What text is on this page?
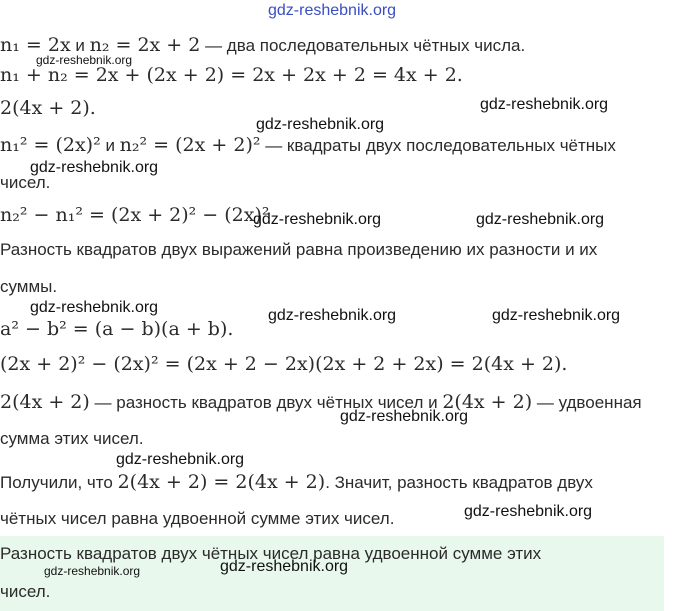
gdz-reshebnik.org
n₁ = 2x и n₂ = 2x + 2 — два последовательных чётных числа.
gdz-reshebnik.org
n₁ + n₂ = 2x + (2x + 2) = 2x + 2x + 2 = 4x + 2.
2(4x + 2).	gdz-reshebnik.org
gdz-reshebnik.org
n₁² = (2x)² и n₂² = (2x + 2)² — квадраты двух последовательных чётных
gdz-reshebnik.org
чисел.
n₂² − n₁² = (2x + 2)² − (2x)²
gdz-reshebnik.org	gdz-reshebnik.org
Разность квадратов двух выражений равна произведению их разности и их
суммы.
gdz-reshebnik.org	gdz-reshebnik.org	gdz-reshebnik.org
a² − b² = (a − b)(a + b).
(2x + 2)² − (2x)² = (2x + 2 − 2x)(2x + 2 + 2x) = 2(4x + 2).
2(4x + 2) — разность квадратов двух чётных чисел и 2(4x + 2) — удвоенная
gdz-reshebnik.org
сумма этих чисел.
gdz-reshebnik.org
Получили, что 2(4x + 2) = 2(4x + 2). Значит, разность квадратов двух
чётных чисел равна удвоенной сумме этих чисел.	gdz-reshebnik.org
Разность квадратов двух чётных чисел равна удвоенной сумме этих
gdz-reshebnik.org	gdz-reshebnik.org
чисел.
